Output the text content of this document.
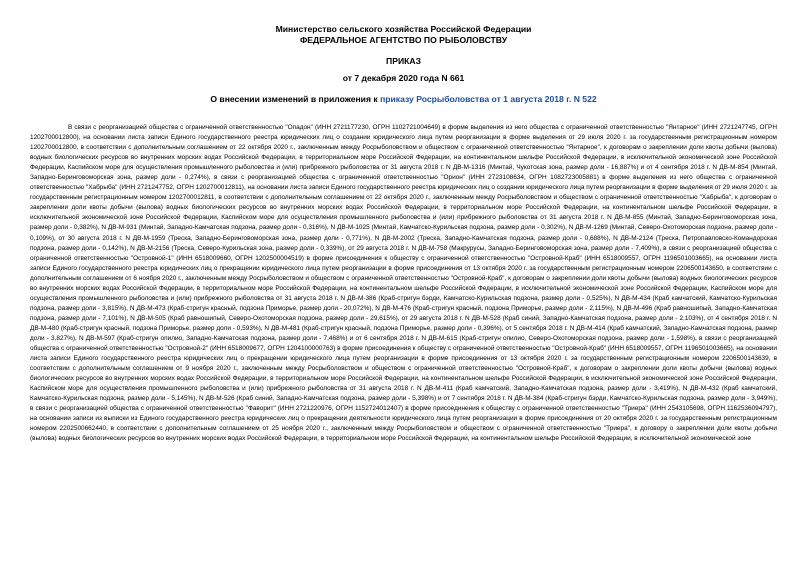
Министерство сельского хозяйства Российской Федерации
ФЕДЕРАЛЬНОЕ АГЕНТСТВО ПО РЫБОЛОВСТВУ
ПРИКАЗ
от 7 декабря 2020 года N 661
О внесении изменений в приложения к приказу Росрыболовства от 1 августа 2018 г. N 522
В связи с реорганизацией общества с ограниченной ответственностью "Опадон" (ИНН 2721177230, ОГРН 1102721004649) в форме выделения из него общества с ограниченной ответственностью "Янтарное" (ИНН 2721247745, ОГРН 1202700012800), на основании листа записи Единого государственного реестра юридических лиц о создании юридического лица путем реорганизации в форме выделения от 29 июля 2020 г. за государственным регистрационным номером 1202700012800, в соответствии с дополнительным соглашением от 22 октября 2020 г., заключенным между Росрыболовством и обществом с ограниченной ответственностью "Янтарное", к договорам о закреплении доли квоты добычи (вылова) водных биологических ресурсов во внутренних морских водах Российской Федерации, в территориальном море Российской Федерации, на континентальном шельфе Российской Федерации, в исключительной экономической зоне Российской Федерации, Каспийском море для осуществления промышленного рыболовства и (или) прибрежного рыболовства от 31 августа 2018 г. N ДВ-М-1316 (Минтай, Чукотская зона, размер доли - 16,887%) и от 4 сентября 2018 г. N ДВ-М-854 (Минтай, Западно-Беринговоморская зона, размер доли - 0,274%), в связи с реорганизацией общества с ограниченной ответственностью "Орион" (ИНН 2723108634, ОГРН 1082723005881) в форме выделения из него общества с ограниченной ответственностью "Хабрыба" (ИНН 2721247752, ОГРН 1202700012811), на основании листа записи Единого государственного реестра юридических лиц о создании юридического лица путем реорганизации в форме выделения от 29 июля 2020 г. за государственным регистрационным номером 1202700012811, в соответствии с дополнительным соглашением от 22 октября 2020 г., заключенным между Росрыболовством и обществом с ограниченной ответственностью "Хабрыба", к договорам о закреплении доли квоты добычи (вылова) водных биологических ресурсов во внутренних морских водах Российской Федерации, в территориальном море Российской Федерации, на континентальном шельфе Российской Федерации, в исключительной экономической зоне Российской Федерации, Каспийском море для осуществления промышленного рыболовства и (или) прибрежного рыболовства от 31 августа 2018 г. N ДВ-М-855 (Минтай, Западно-Беринговоморская зона, размер доли - 0,382%), N ДВ-М-931 (Минтай, Западно-Камчатская подзона, размер доли - 0,316%), N ДВ-М-1025 (Минтай, Камчатско-Курильская подзона, размер доли - 0,302%), N ДВ-М-1269 (Минтай, Северо-Охотоморская подзона, размер доли - 0,109%), от 30 августа 2018 г. N ДВ-М-1959 (Треска, Западно-Беринговоморская зона, размер доли - 0,771%), N ДВ-М-2002 (Треска, Западно-Камчатская подзона, размер доли - 0,688%), N ДВ-М-2124 (Треска, Петропавловско-Командорская подзона, размер доли - 0,142%), N ДВ-М-2156 (Треска, Северо-Курильская зона, размер доли - 0,339%), от 29 августа 2018 г. N ДВ-М-758 (Макрурусы, Западно-Беринговоморская зона, размер доли - 7,409%), в связи с реорганизацией общества с ограниченной ответственностью "Островной-1" (ИНН 6518009660, ОГРН 1202500004519) в форме присоединения к обществу с ограниченной ответственностью "Островной-Краб" (ИНН 6518009557, ОГРН 1196501003665), на основании листа записи Единого государственного реестра юридических лиц о прекращении юридического лица путем реорганизации в форме присоединения от 13 октября 2020 г. за государственным регистрационным номером 2206500143650, в соответствии с дополнительным соглашением от 6 ноября 2020 г., заключенным между Росрыболовством и обществом с ограниченной ответственностью "Островной-Краб", к договорам о закреплении доли квоты добычи (вылова) водных биологических ресурсов во внутренних морских водах Российской Федерации, в территориальном море Российской Федерации, на континентальном шельфе Российской Федерации, в исключительной экономической зоне Российской Федерации, Каспийском море для осуществления промышленного рыболовства и (или) прибрежного рыболовства от 31 августа 2018 г. N ДВ-М-386 (Краб-стригун бэрди, Камчатско-Курильская подзона, размер доли - 0,525%), N ДВ-М-434 (Краб камчатский, Камчатско-Курильская подзона, размер доли - 3,815%), N ДВ-М-473 (Краб-стригун красный, подзона Приморье, размер доли - 20,072%), N ДВ-М-476 (Краб-стригун красный, подзона Приморье, размер доли - 2,115%), N ДВ-М-496 (Краб равношипый, Западно-Камчатская подзона, размер доли - 7,101%), N ДВ-М-505 (Краб равношипый, Северо-Охотоморская подзона, размер доли - 29,615%), от 29 августа 2018 г. N ДВ-М-528 (Краб синий, Западно-Камчатская подзона, размер доли - 2,103%), от 4 сентября 2018 г. N ДВ-М-480 (Краб-стригун красный, подзона Приморье, размер доли - 0,593%), N ДВ-М-481 (Краб-стригун красный, подзона Приморье, размер доли - 0,396%), от 5 сентября 2018 г. N ДВ-М-414 (Краб камчатский, Западно-Камчатская подзона, размер доли - 3,827%), N ДВ-М-597 (Краб-стригун опилио, Западно-Камчатская подзона, размер доли - 7,468%) и от 6 сентября 2018 г. N ДВ-М-615 (Краб-стригун опилио, Северо-Охотоморская подзона, размер доли - 1,598%), в связи с реорганизацией общества с ограниченной ответственностью "Островной-2" (ИНН 6518009677, ОГРН 1204100000763) в форме присоединения к обществу с ограниченной ответственностью "Островной-Краб" (ИНН 6518009557, ОГРН 1196501003665), на основании листа записи Единого государственного реестра юридических лиц о прекращении юридического лица путем реорганизации в форме присоединения от 13 октября 2020 г. за государственным регистрационным номером 2206500143639, в соответствии с дополнительным соглашением от 9 ноября 2020 г., заключенным между Росрыболовством и обществом с ограниченной ответственностью "Островной-Краб", к договорам о закреплении доли квоты добычи (вылова) водных биологических ресурсов во внутренних морских водах Российской Федерации, в территориальном море Российской Федерации, на континентальном шельфе Российской Федерации, в исключительной экономической зоне Российской Федерации, Каспийском море для осуществления промышленного рыболовства и (или) прибрежного рыболовства от 31 августа 2018 г. N ДВ-М-411 (Краб камчатский, Западно-Камчатская подзона, размер доли - 3,419%), N ДВ-М-432 (Краб камчатский, Камчатско-Курильская подзона, размер доли - 5,145%), N ДВ-М-526 (Краб синий, Западно-Камчатская подзона, размер доли - 5,398%) и от 7 сентября 2018 г. N ДВ-М-384 (Краб-стригун бэрди, Камчатско-Курильская подзона, размер доли - 3,949%), в связи с реорганизацией общества с ограниченной ответственностью "Фаворит" (ИНН 2721220976, ОГРН 1152724012407) в форме присоединения к обществу с ограниченной ответственностью "Триера" (ИНН 2543105698, ОГРН 1162536094797), на основании записи из выписки из Единого государственного реестра юридических лиц о прекращении деятельности юридического лица путем реорганизации в форме присоединения от 20 октября 2020 г. за государственным регистрационным номером 2202500662440, в соответствии с дополнительным соглашением от 25 ноября 2020 г., заключенным между Росрыболовством и обществом с ограниченной ответственностью "Триера", к договору о закреплении доли квоты добычи (вылова) водных биологических ресурсов во внутренних морских водах Российской Федерации, в территориальном море Российской Федерации, на континентальном шельфе Российской Федерации, в исключительной экономической зоне
